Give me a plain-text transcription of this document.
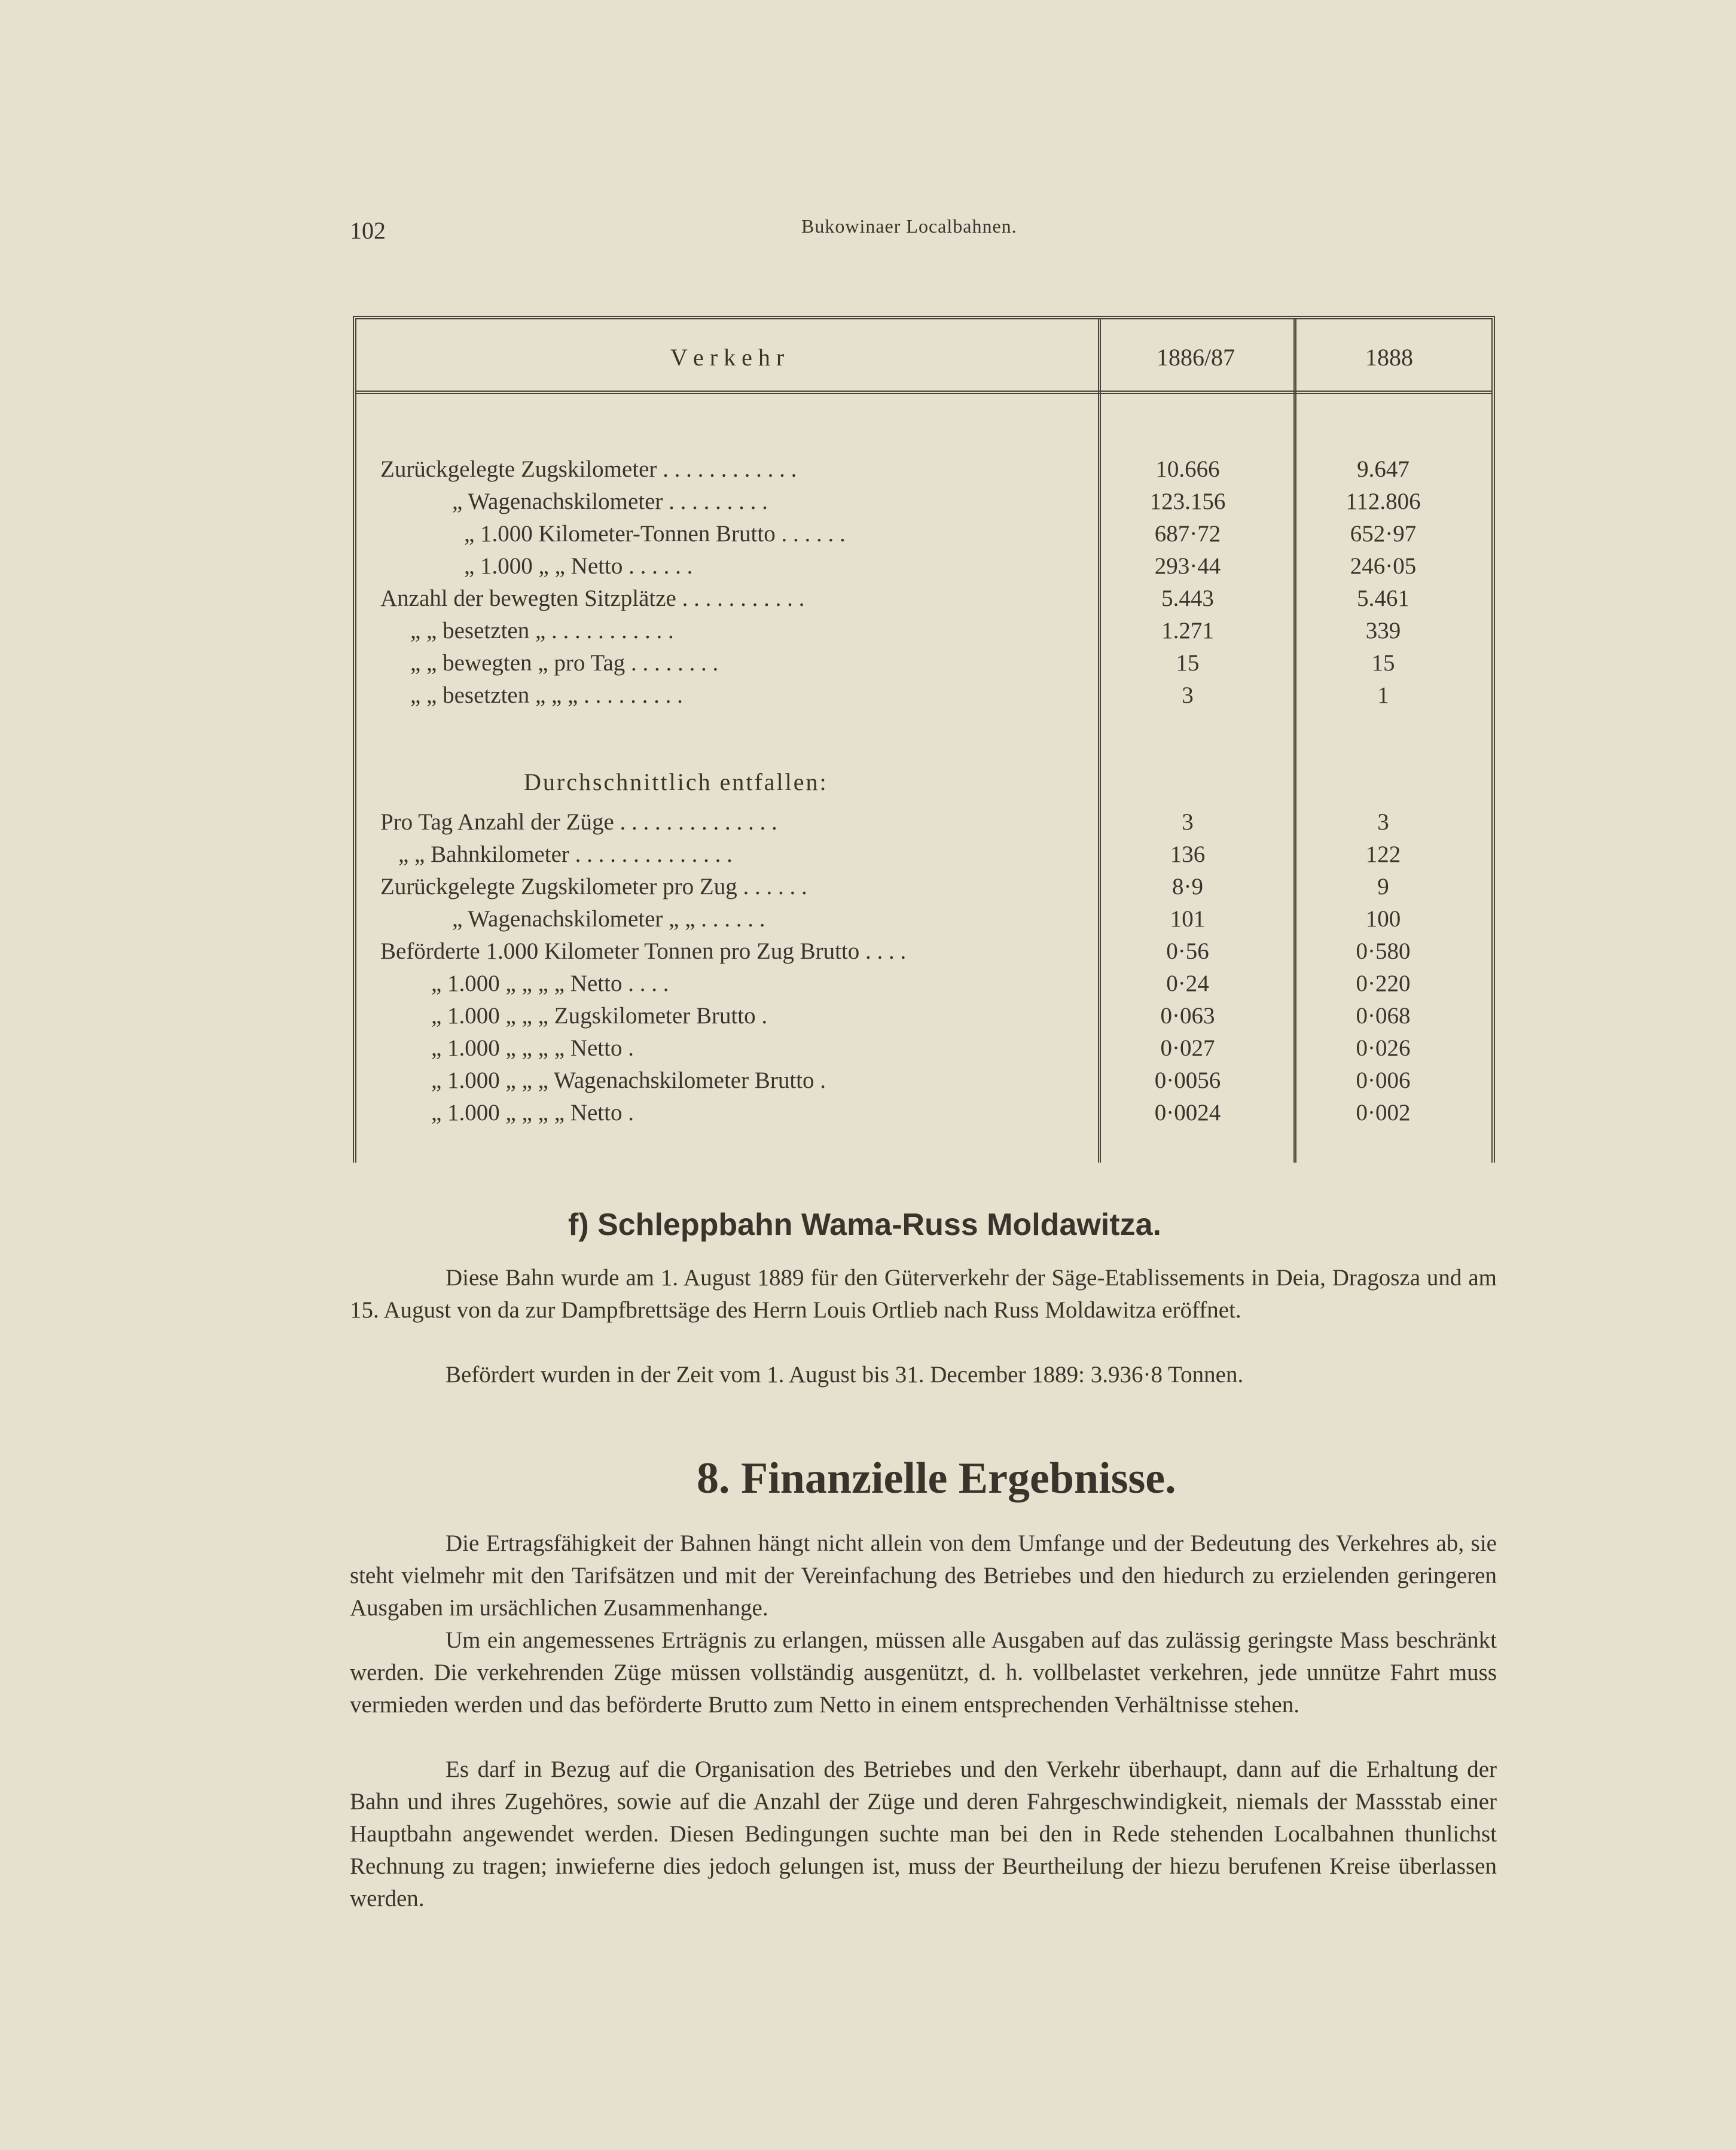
102	Bukowinaer Localbahnen.
V e r k e h r	1886/87	1888
Zurückgelegte Zugskilometer . . . . . . . . . . . .	10.666	9.647
„ Wagenachskilometer . . . . . . . . .	123.156	112.806
„ 1.000 Kilometer-Tonnen Brutto . . . . . .	687·72	652·97
„ 1.000 „ „ Netto . . . . . .	293·44	246·05
Anzahl der bewegten Sitzplätze . . . . . . . . . . .	5.443	5.461
„ „ besetzten „ . . . . . . . . . . .	1.271	339
„ „ bewegten „ pro Tag . . . . . . . .	15	15
„ „ besetzten „ „ „ . . . . . . . . .	3	1
Durchschnittlich entfallen:
Pro Tag Anzahl der Züge . . . . . . . . . . . . . .	3	3
„ „ Bahnkilometer . . . . . . . . . . . . . .	136	122
Zurückgelegte Zugskilometer pro Zug . . . . . .	8·9	9
„ Wagenachskilometer „ „ . . . . . .	101	100
Beförderte 1.000 Kilometer Tonnen pro Zug Brutto . . . .	0·56	0·580
„ 1.000 „ „ „ „ Netto . . . .	0·24	0·220
„ 1.000 „ „ „ Zugskilometer Brutto .	0·063	0·068
„ 1.000 „ „ „ „ Netto .	0·027	0·026
„ 1.000 „ „ „ Wagenachskilometer Brutto .	0·0056	0·006
„ 1.000 „ „ „ „ Netto .	0·0024	0·002
f) Schleppbahn Wama-Russ Moldawitza.
Diese Bahn wurde am 1. August 1889 für den Güterverkehr der Säge-Etablissements in Deia, Dragosza und am 15. August von da zur Dampfbrettsäge des Herrn Louis Ortlieb nach Russ Moldawitza eröffnet.
Befördert wurden in der Zeit vom 1. August bis 31. December 1889: 3.936·8 Tonnen.
8. Finanzielle Ergebnisse.
Die Ertragsfähigkeit der Bahnen hängt nicht allein von dem Umfange und der Bedeutung des Verkehres ab, sie steht vielmehr mit den Tarifsätzen und mit der Vereinfachung des Betriebes und den hiedurch zu erzielenden geringeren Ausgaben im ursächlichen Zusammenhange.
Um ein angemessenes Erträgnis zu erlangen, müssen alle Ausgaben auf das zulässig geringste Mass beschränkt werden. Die verkehrenden Züge müssen vollständig ausgenützt, d. h. vollbelastet verkehren, jede unnütze Fahrt muss vermieden werden und das beförderte Brutto zum Netto in einem entsprechenden Verhältnisse stehen.
Es darf in Bezug auf die Organisation des Betriebes und den Verkehr überhaupt, dann auf die Erhaltung der Bahn und ihres Zugehöres, sowie auf die Anzahl der Züge und deren Fahrgeschwindigkeit, niemals der Massstab einer Hauptbahn angewendet werden. Diesen Bedingungen suchte man bei den in Rede stehenden Localbahnen thunlichst Rechnung zu tragen; inwieferne dies jedoch gelungen ist, muss der Beurtheilung der hiezu berufenen Kreise überlassen werden.
